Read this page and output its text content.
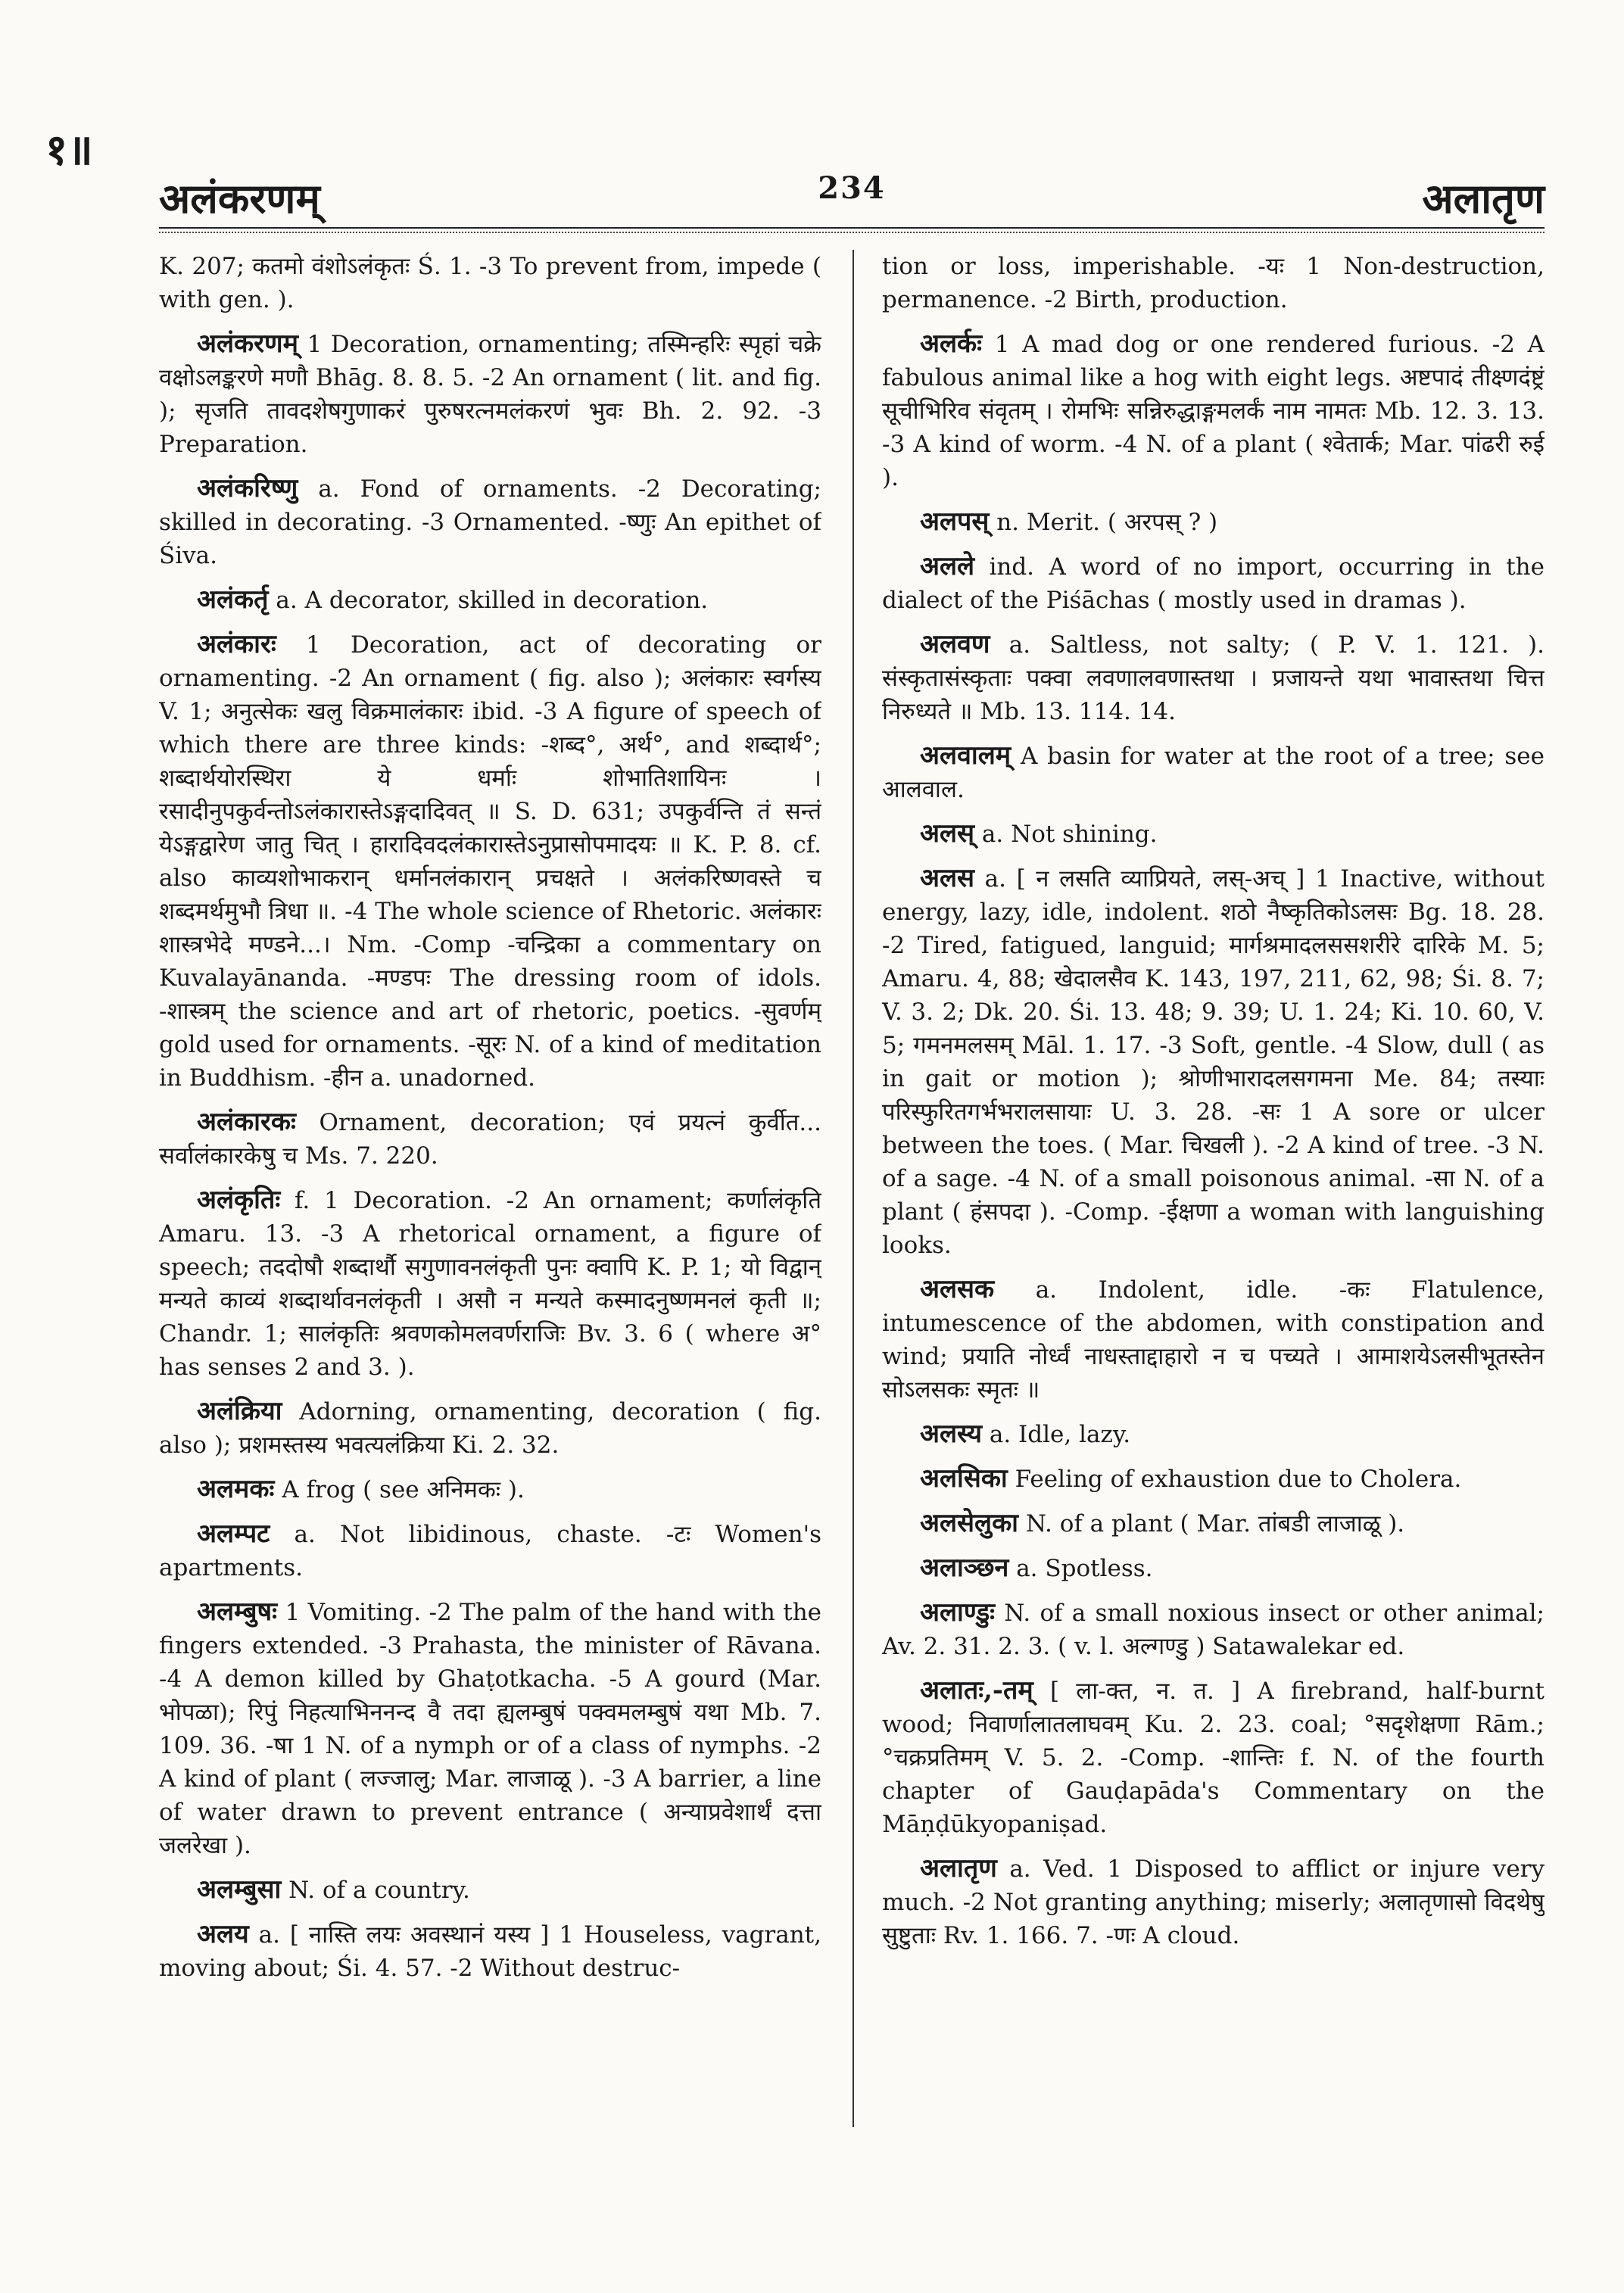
१॥
अलंकरणम्	234	अलातृण

K. 207; कतमो वंशोऽलंकृतः Ś. 1. -3 To prevent from, impede ( with gen. ).

अलंकरणम् 1 Decoration, ornamenting; तस्मिन्हरिः स्पृहां चक्रे वक्षोऽलङ्करणे मणौ Bhāg. 8. 8. 5. -2 An ornament ( lit. and fig. ); सृजति तावदशेषगुणाकरं पुरुषरत्नमलंकरणं भुवः Bh. 2. 92. -3 Preparation.

अलंकरिष्णु a. Fond of ornaments. -2 Decorating; skilled in decorating. -3 Ornamented. -ष्णुः An epithet of Śiva.

अलंकर्तृ a. A decorator, skilled in decoration.

अलंकारः 1 Decoration, act of decorating or ornamenting. -2 An ornament ( fig. also ); अलंकारः स्वर्गस्य V. 1; अनुत्सेकः खलु विक्रमालंकारः ibid. -3 A figure of speech of which there are three kinds: -शब्द°, अर्थ°, and शब्दार्थ°; शब्दार्थयोरस्थिरा ये धर्माः शोभातिशायिनः । रसादीनुपकुर्वन्तोऽलंकारास्तेऽङ्गदादिवत् ॥ S. D. 631; उपकुर्वन्ति तं सन्तं येऽङ्गद्वारेण जातु चित् । हारादिवदलंकारास्तेऽनुप्रासोपमादयः ॥ K. P. 8. cf. also काव्यशोभाकरान् धर्मानलंकारान् प्रचक्षते । अलंकरिष्णवस्ते च शब्दमर्थमुभौ त्रिधा ॥. -4 The whole science of Rhetoric. अलंकारः शास्त्रभेदे मण्डने...। Nm. -Comp -चन्द्रिका a commentary on Kuvalayānanda. -मण्डपः The dressing room of idols. -शास्त्रम् the science and art of rhetoric, poetics. -सुवर्णम् gold used for ornaments. -सूरः N. of a kind of meditation in Buddhism. -हीन a. unadorned.

अलंकारकः Ornament, decoration; एवं प्रयत्नं कुर्वीत... सर्वालंकारकेषु च Ms. 7. 220.

अलंकृतिः f. 1 Decoration. -2 An ornament; कर्णालंकृति Amaru. 13. -3 A rhetorical ornament, a figure of speech; तददोषौ शब्दार्थौ सगुणावनलंकृती पुनः क्वापि K. P. 1; यो विद्वान् मन्यते काव्यं शब्दार्थावनलंकृती । असौ न मन्यते कस्मादनुष्णमनलं कृती ॥; Chandr. 1; सालंकृतिः श्रवणकोमलवर्णराजिः Bv. 3. 6 ( where अ° has senses 2 and 3. ).

अलंक्रिया Adorning, ornamenting, decoration ( fig. also ); प्रशमस्तस्य भवत्यलंक्रिया Ki. 2. 32.

अलमकः A frog ( see अनिमकः ).

अलम्पट a. Not libidinous, chaste. -टः Women's apartments.

अलम्बुषः 1 Vomiting. -2 The palm of the hand with the fingers extended. -3 Prahasta, the minister of Rāvana. -4 A demon killed by Ghaṭotkacha. -5 A gourd (Mar. भोपळा); रिपुं निहत्याभिननन्द वै तदा ह्यलम्बुषं पक्वमलम्बुषं यथा Mb. 7. 109. 36. -षा 1 N. of a nymph or of a class of nymphs. -2 A kind of plant ( लज्जालु; Mar. लाजाळू ). -3 A barrier, a line of water drawn to prevent entrance ( अन्याप्रवेशार्थं दत्ता जलरेखा ).

अलम्बुसा N. of a country.

अलय a. [ नास्ति लयः अवस्थानं यस्य ] 1 Houseless, vagrant, moving about; Śi. 4. 57. -2 Without destruc-

tion or loss, imperishable. -यः 1 Non-destruction, permanence. -2 Birth, production.

अलर्कः 1 A mad dog or one rendered furious. -2 A fabulous animal like a hog with eight legs. अष्टपादं तीक्ष्णदंष्ट्रं सूचीभिरिव संवृतम् । रोमभिः सन्निरुद्धाङ्गमलर्कं नाम नामतः Mb. 12. 3. 13. -3 A kind of worm. -4 N. of a plant ( श्वेतार्क; Mar. पांढरी रुई ).

अलपस् n. Merit. ( अरपस् ? )

अलले ind. A word of no import, occurring in the dialect of the Piśāchas ( mostly used in dramas ).

अलवण a. Saltless, not salty; ( P. V. 1. 121. ). संस्कृतासंस्कृताः पक्वा लवणालवणास्तथा । प्रजायन्ते यथा भावास्तथा चित्त निरुध्यते ॥ Mb. 13. 114. 14.

अलवालम् A basin for water at the root of a tree; see आलवाल.

अलस् a. Not shining.

अलस a. [ न लसति व्याप्रियते, लस्-अच् ] 1 Inactive, without energy, lazy, idle, indolent. शठो नैष्कृतिकोऽलसः Bg. 18. 28. -2 Tired, fatigued, languid; मार्गश्रमादलससशरीरे दारिके M. 5; Amaru. 4, 88; खेदालसैव K. 143, 197, 211, 62, 98; Śi. 8. 7; V. 3. 2; Dk. 20. Śi. 13. 48; 9. 39; U. 1. 24; Ki. 10. 60, V. 5; गमनमलसम् Māl. 1. 17. -3 Soft, gentle. -4 Slow, dull ( as in gait or motion ); श्रोणीभारादलसगमना Me. 84; तस्याः परिस्फुरितगर्भभरालसायाः U. 3. 28. -सः 1 A sore or ulcer between the toes. ( Mar. चिखली ). -2 A kind of tree. -3 N. of a sage. -4 N. of a small poisonous animal. -सा N. of a plant ( हंसपदा ). -Comp. -ईक्षणा a woman with languishing looks.

अलसक a. Indolent, idle. -कः Flatulence, intumescence of the abdomen, with constipation and wind; प्रयाति नोर्ध्वं नाधस्ताद्दाहारो न च पच्यते । आमाशयेऽलसीभूतस्तेन सोऽलसकः स्मृतः ॥

अलस्य a. Idle, lazy.

अलसिका Feeling of exhaustion due to Cholera.

अलसेलुका N. of a plant ( Mar. तांबडी लाजाळू ).

अलाञ्छन a. Spotless.

अलाण्डुः N. of a small noxious insect or other animal; Av. 2. 31. 2. 3. ( v. l. अल्गण्डु ) Satawalekar ed.

अलातः,-तम् [ ला-क्त, न. त. ] A firebrand, half-burnt wood; निवार्णालातलाघवम् Ku. 2. 23. coal; °सदृशेक्षणा Rām.; °चक्रप्रतिमम् V. 5. 2. -Comp. -शान्तिः f. N. of the fourth chapter of Gauḍapāda's Commentary on the Māṇḍūkyopaniṣad.

अलातृण a. Ved. 1 Disposed to afflict or injure very much. -2 Not granting anything; miserly; अलातृणासो विदथेषु सुष्टुताः Rv. 1. 166. 7. -णः A cloud.
